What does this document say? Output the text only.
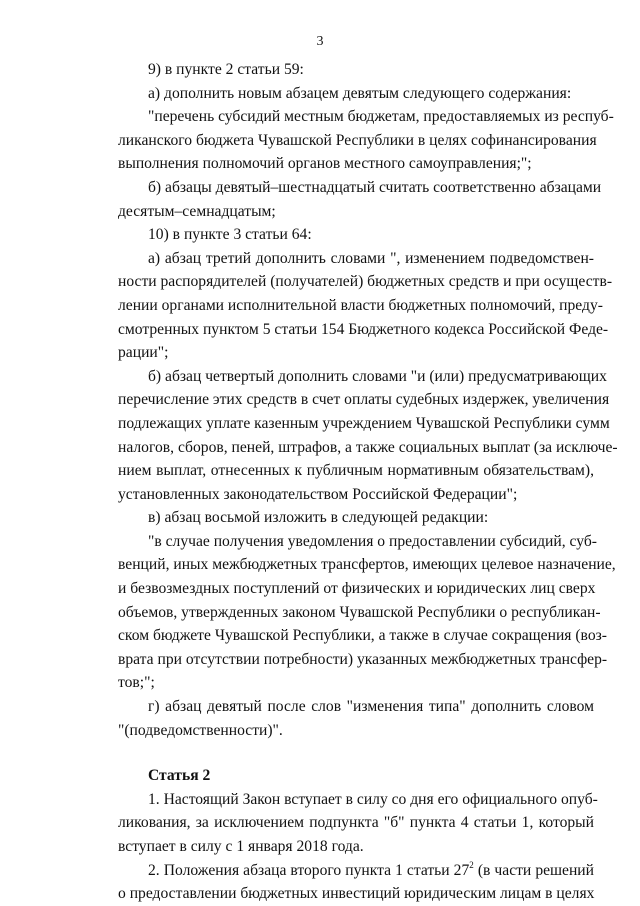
3
9) в пункте 2 статьи 59:
а) дополнить новым абзацем девятым следующего содержания:
"перечень субсидий местным бюджетам, предоставляемых из респуб-
ликанского бюджета Чувашской Республики в целях софинансирования
выполнения полномочий органов местного самоуправления;";
б) абзацы девятый–шестнадцатый считать соответственно абзацами
десятым–семнадцатым;
10) в пункте 3 статьи 64:
а) абзац третий дополнить словами ", изменением подведомствен-
ности распорядителей (получателей) бюджетных средств и при осуществ-
лении органами исполнительной власти бюджетных полномочий, преду-
смотренных пунктом 5 статьи 154 Бюджетного кодекса Российской Феде-
рации";
б) абзац четвертый дополнить словами "и (или) предусматривающих
перечисление этих средств в счет оплаты судебных издержек, увеличения
подлежащих уплате казенным учреждением Чувашской Республики сумм
налогов, сборов, пеней, штрафов, а также социальных выплат (за исключе-
нием выплат, отнесенных к публичным нормативным обязательствам),
установленных законодательством Российской Федерации";
в) абзац восьмой изложить в следующей редакции:
"в случае получения уведомления о предоставлении субсидий, суб-
венций, иных межбюджетных трансфертов, имеющих целевое назначение,
и безвозмездных поступлений от физических и юридических лиц сверх
объемов, утвержденных законом Чувашской Республики о республикан-
ском бюджете Чувашской Республики, а также в случае сокращения (воз-
врата при отсутствии потребности) указанных межбюджетных трансфер-
тов;";
г) абзац девятый после слов "изменения типа" дополнить словом
"(подведомственности)".
Статья 2
1. Настоящий Закон вступает в силу со дня его официального опуб-
ликования, за исключением подпункта "б" пункта 4 статьи 1, который
вступает в силу с 1 января 2018 года.
2. Положения абзаца второго пункта 1 статьи $27^2$ (в части решений
о предоставлении бюджетных инвестиций юридическим лицам в целях
